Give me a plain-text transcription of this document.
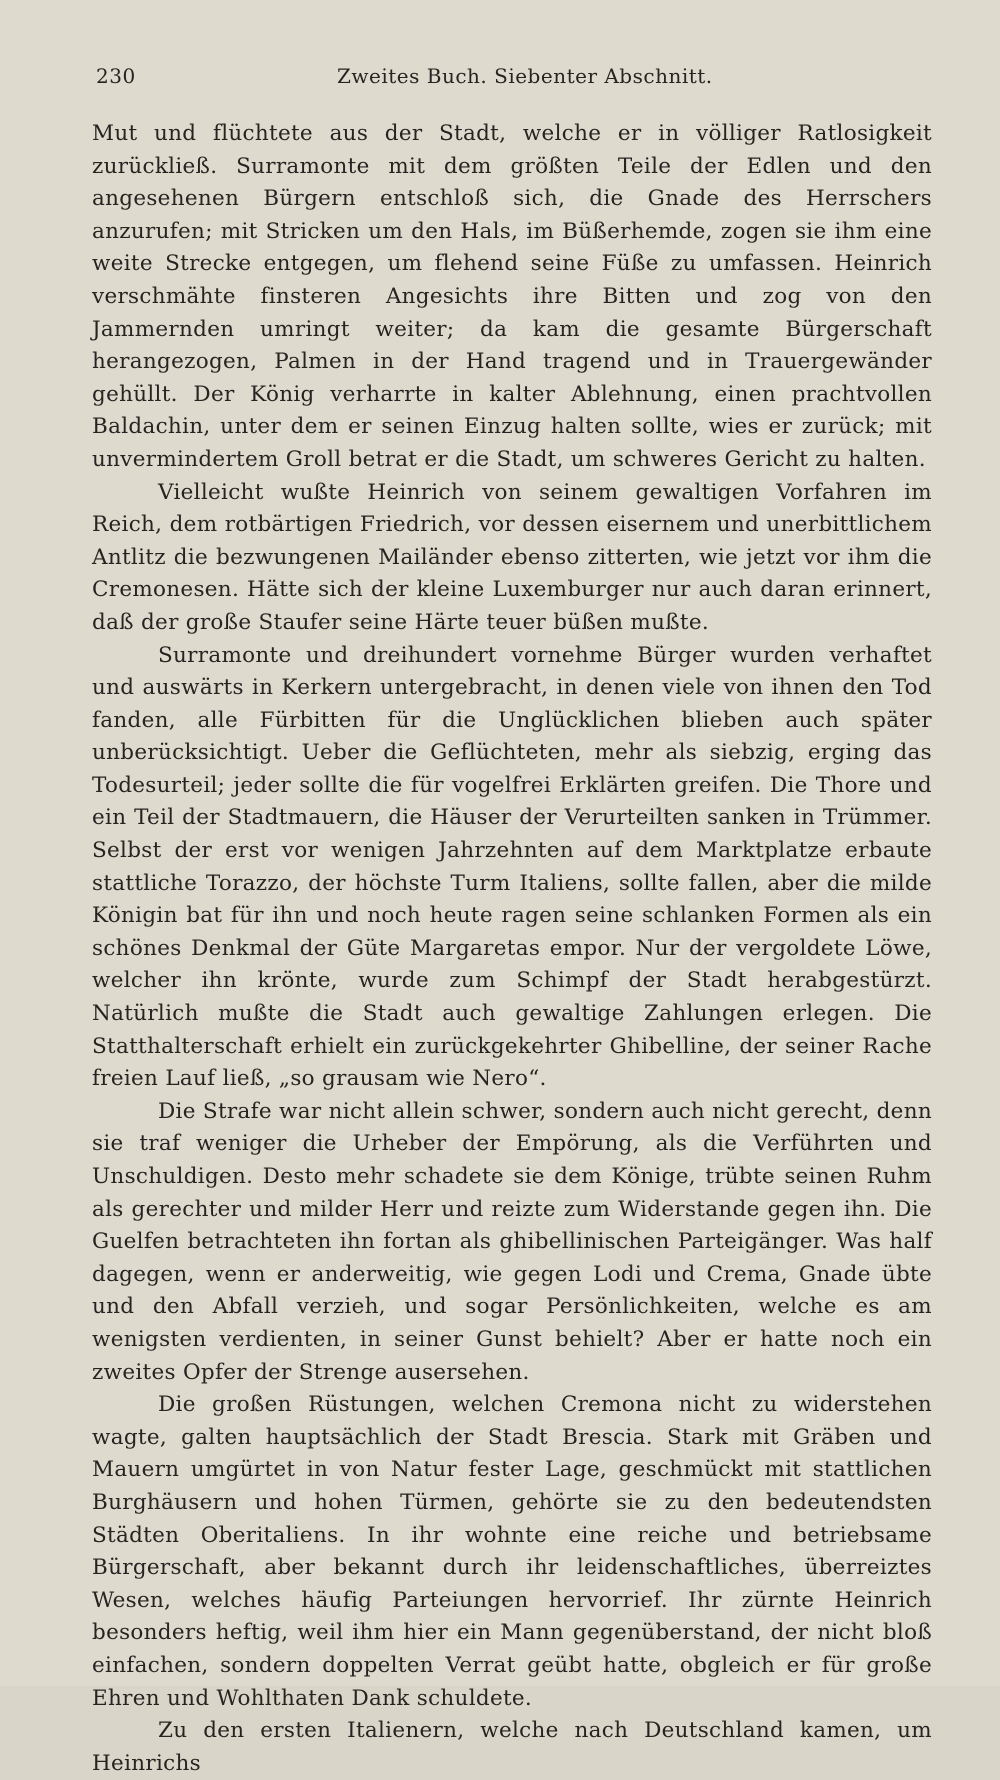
230	Zweites Buch. Siebenter Abschnitt.

Mut und flüchtete aus der Stadt, welche er in völliger Ratlosigkeit zurückließ. Surramonte mit dem größten Teile der Edlen und den angesehenen Bürgern entschloß sich, die Gnade des Herrschers anzurufen; mit Stricken um den Hals, im Büßerhemde, zogen sie ihm eine weite Strecke entgegen, um flehend seine Füße zu umfassen. Heinrich verschmähte finsteren Angesichts ihre Bitten und zog von den Jammernden umringt weiter; da kam die gesamte Bürgerschaft herangezogen, Palmen in der Hand tragend und in Trauergewänder gehüllt. Der König verharrte in kalter Ablehnung, einen prachtvollen Baldachin, unter dem er seinen Einzug halten sollte, wies er zurück; mit unvermindertem Groll betrat er die Stadt, um schweres Gericht zu halten.

Vielleicht wußte Heinrich von seinem gewaltigen Vorfahren im Reich, dem rotbärtigen Friedrich, vor dessen eisernem und unerbittlichem Antlitz die bezwungenen Mailänder ebenso zitterten, wie jetzt vor ihm die Cremonesen. Hätte sich der kleine Luxemburger nur auch daran erinnert, daß der große Staufer seine Härte teuer büßen mußte.

Surramonte und dreihundert vornehme Bürger wurden verhaftet und auswärts in Kerkern untergebracht, in denen viele von ihnen den Tod fanden, alle Fürbitten für die Unglücklichen blieben auch später unberücksichtigt. Ueber die Geflüchteten, mehr als siebzig, erging das Todesurteil; jeder sollte die für vogelfrei Erklärten greifen. Die Thore und ein Teil der Stadtmauern, die Häuser der Verurteilten sanken in Trümmer. Selbst der erst vor wenigen Jahrzehnten auf dem Marktplatze erbaute stattliche Torazzo, der höchste Turm Italiens, sollte fallen, aber die milde Königin bat für ihn und noch heute ragen seine schlanken Formen als ein schönes Denkmal der Güte Margaretas empor. Nur der vergoldete Löwe, welcher ihn krönte, wurde zum Schimpf der Stadt herabgestürzt. Natürlich mußte die Stadt auch gewaltige Zahlungen erlegen. Die Statthalterschaft erhielt ein zurückgekehrter Ghibelline, der seiner Rache freien Lauf ließ, „so grausam wie Nero“.

Die Strafe war nicht allein schwer, sondern auch nicht gerecht, denn sie traf weniger die Urheber der Empörung, als die Verführten und Unschuldigen. Desto mehr schadete sie dem Könige, trübte seinen Ruhm als gerechter und milder Herr und reizte zum Widerstande gegen ihn. Die Guelfen betrachteten ihn fortan als ghibellinischen Parteigänger. Was half dagegen, wenn er anderweitig, wie gegen Lodi und Crema, Gnade übte und den Abfall verzieh, und sogar Persönlichkeiten, welche es am wenigsten verdienten, in seiner Gunst behielt? Aber er hatte noch ein zweites Opfer der Strenge ausersehen.

Die großen Rüstungen, welchen Cremona nicht zu widerstehen wagte, galten hauptsächlich der Stadt Brescia. Stark mit Gräben und Mauern umgürtet in von Natur fester Lage, geschmückt mit stattlichen Burghäusern und hohen Türmen, gehörte sie zu den bedeutendsten Städten Oberitaliens. In ihr wohnte eine reiche und betriebsame Bürgerschaft, aber bekannt durch ihr leidenschaftliches, überreiztes Wesen, welches häufig Parteiungen hervorrief. Ihr zürnte Heinrich besonders heftig, weil ihm hier ein Mann gegenüberstand, der nicht bloß einfachen, sondern doppelten Verrat geübt hatte, obgleich er für große Ehren und Wohlthaten Dank schuldete.

Zu den ersten Italienern, welche nach Deutschland kamen, um Heinrichs
